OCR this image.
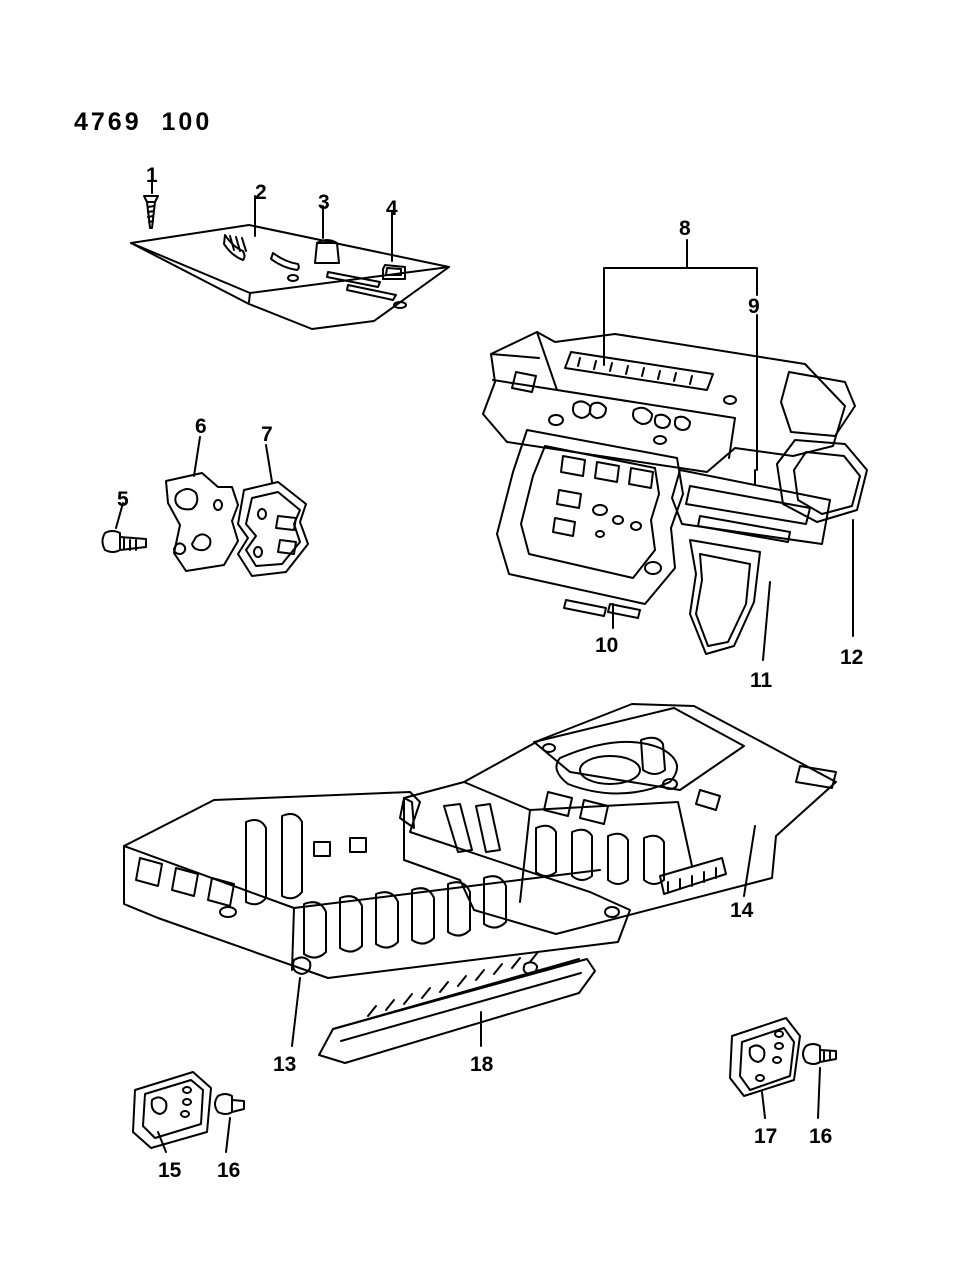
4769  100
1
2 3	4
5
6	7
8
9
10
11
12
13
14
15 16
17 16
18
